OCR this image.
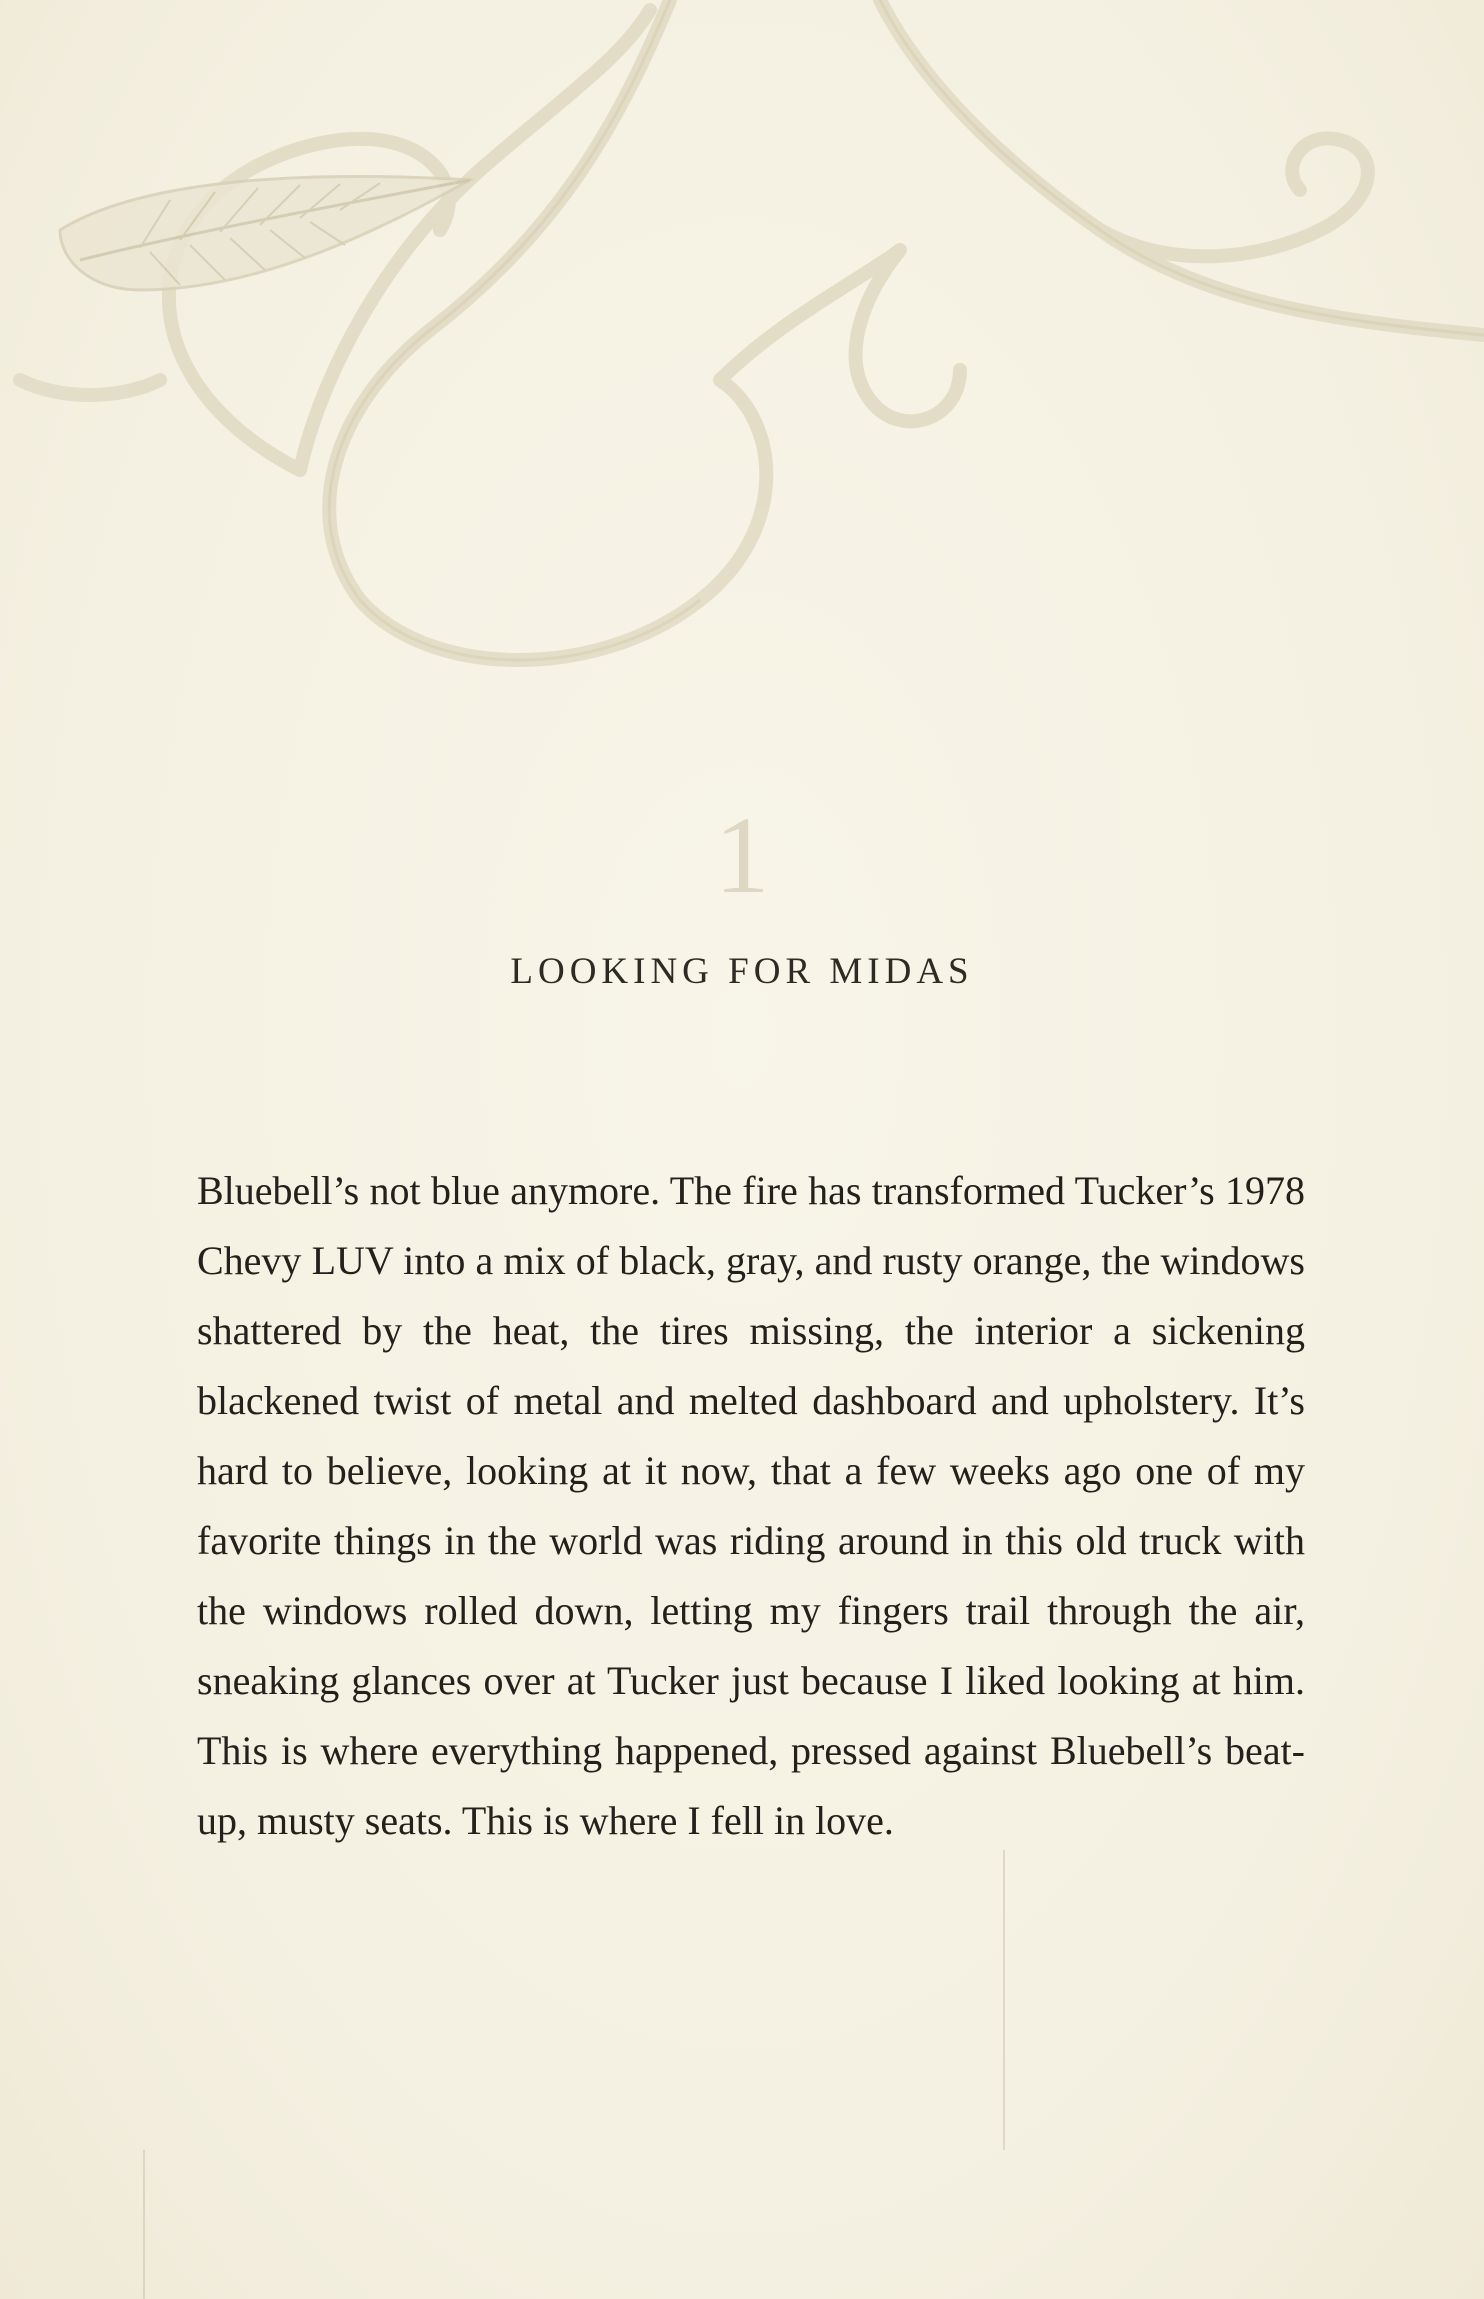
1
LOOKING FOR MIDAS

Bluebell’s not blue anymore. The fire has transformed Tucker’s 1978 Chevy LUV into a mix of black, gray, and rusty orange, the windows shattered by the heat, the tires missing, the interior a sickening blackened twist of metal and melted dashboard and upholstery. It’s hard to believe, looking at it now, that a few weeks ago one of my favorite things in the world was riding around in this old truck with the windows rolled down, letting my fingers trail through the air, sneaking glances over at Tucker just because I liked looking at him. This is where everything happened, pressed against Bluebell’s beat-up, musty seats. This is where I fell in love.
